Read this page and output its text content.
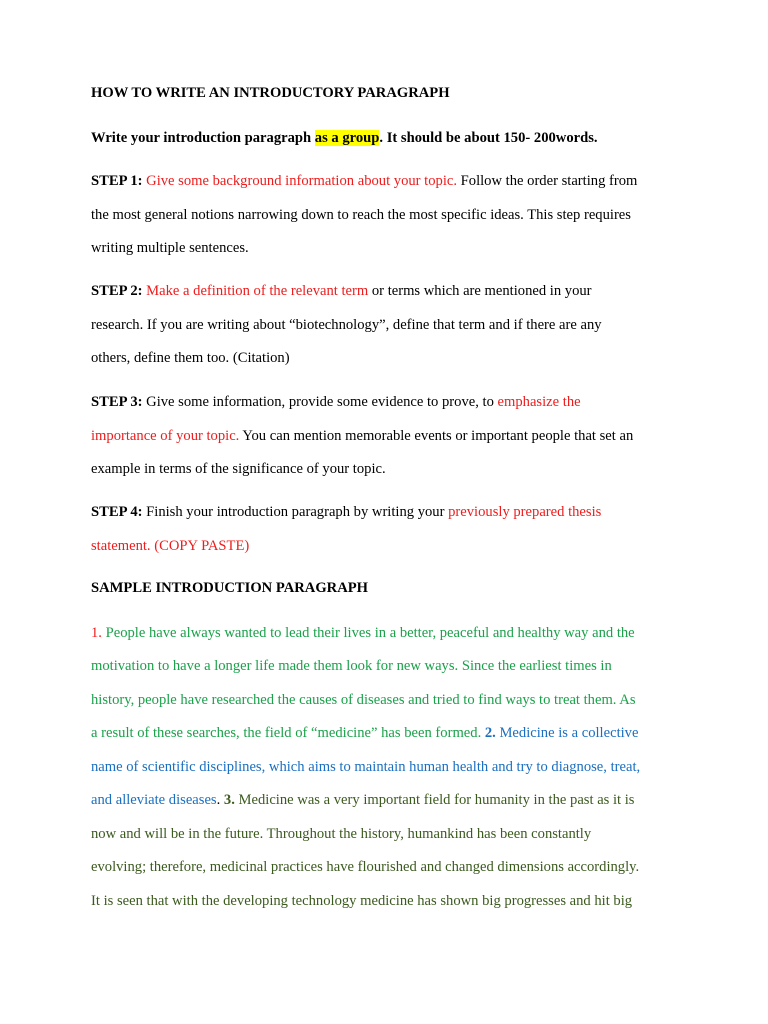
HOW TO WRITE AN INTRODUCTORY PARAGRAPH
Write your introduction paragraph as a group. It should be about 150- 200words.
STEP 1: Give some background information about your topic. Follow the order starting from
the most general notions narrowing down to reach the most specific ideas. This step requires
writing multiple sentences.
STEP 2: Make a definition of the relevant term or terms which are mentioned in your
research. If you are writing about “biotechnology”, define that term and if there are any
others, define them too. (Citation)
STEP 3: Give some information, provide some evidence to prove, to emphasize the
importance of your topic. You can mention memorable events or important people that set an
example in terms of the significance of your topic.
STEP 4: Finish your introduction paragraph by writing your previously prepared thesis
statement. (COPY PASTE)
SAMPLE INTRODUCTION PARAGRAPH
1. People have always wanted to lead their lives in a better, peaceful and healthy way and the
motivation to have a longer life made them look for new ways. Since the earliest times in
history, people have researched the causes of diseases and tried to find ways to treat them. As
a result of these searches, the field of “medicine” has been formed. 2. Medicine is a collective
name of scientific disciplines, which aims to maintain human health and try to diagnose, treat,
and alleviate diseases. 3. Medicine was a very important field for humanity in the past as it is
now and will be in the future. Throughout the history, humankind has been constantly
evolving; therefore, medicinal practices have flourished and changed dimensions accordingly.
It is seen that with the developing technology medicine has shown big progresses and hit big
